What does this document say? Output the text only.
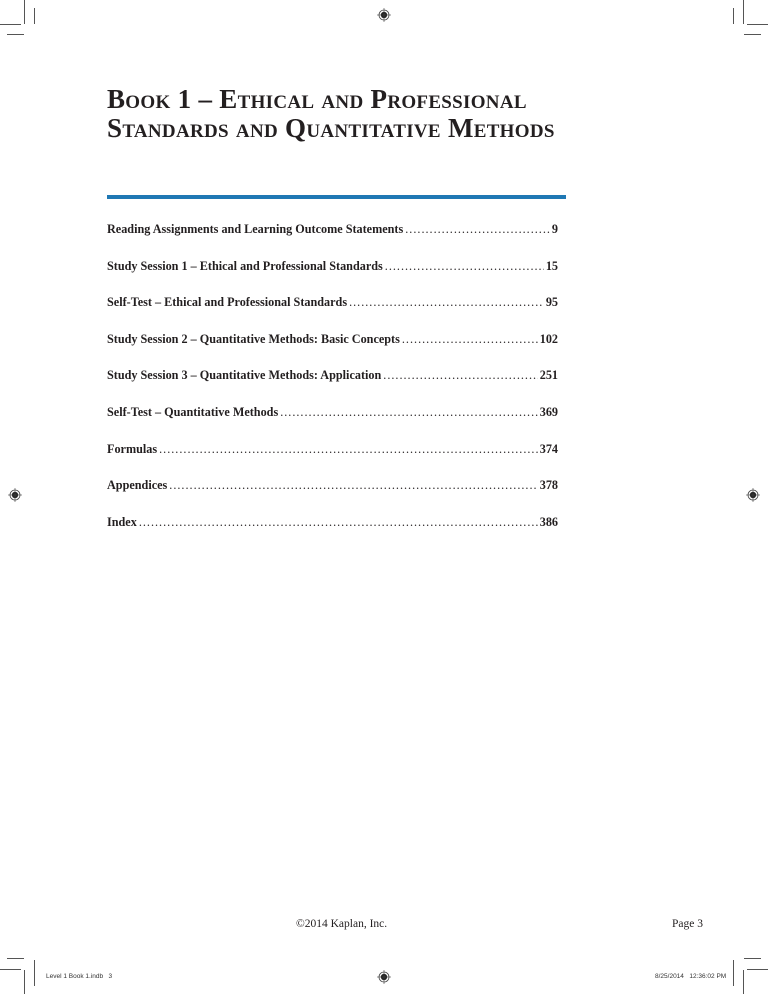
Book 1 – Ethical and Professional Standards and Quantitative Methods
Reading Assignments and Learning Outcome Statements .....	9
Study Session 1 – Ethical and Professional Standards .....	15
Self-Test – Ethical and Professional Standards .....	95
Study Session 2 – Quantitative Methods: Basic Concepts .....	102
Study Session 3 – Quantitative Methods: Application .....	251
Self-Test – Quantitative Methods .....	369
Formulas .....	374
Appendices .....	378
Index .....	386
©2014 Kaplan, Inc.	Page 3
Level 1 Book 1.indb   3	8/25/2014   12:36:02 PM
